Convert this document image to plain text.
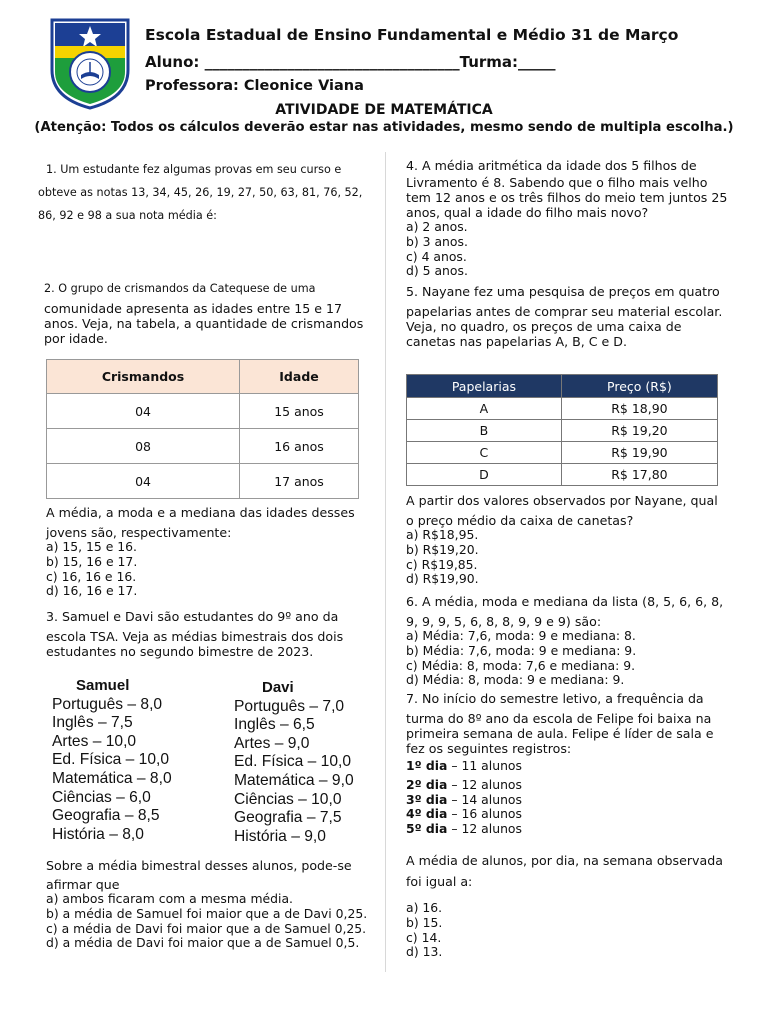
Escola Estadual de Ensino Fundamental e Médio 31 de Março
Aluno: __________________________________Turma:_____
Professora: Cleonice Viana
ATIVIDADE DE MATEMÁTICA
(Atenção: Todos os cálculos deverão estar nas atividades, mesmo sendo de multipla escolha.)
1. Um estudante fez algumas provas em seu curso e
obteve as notas 13, 34, 45, 26, 19, 27, 50, 63, 81, 76, 52,
86, 92 e 98 a sua nota média é:
2. O grupo de crismandos da Catequese de uma
comunidade apresenta as idades entre 15 e 17
anos. Veja, na tabela, a quantidade de crismandos
por idade.
Crismandos	Idade
04	15 anos
08	16 anos
04	17 anos
A média, a moda e a mediana das idades desses
jovens são, respectivamente:

a) 15, 15 e 16.

b) 15, 16 e 17.

c) 16, 16 e 16.

d) 16, 16 e 17.

3. Samuel e Davi são estudantes do 9º ano da
escola TSA. Veja as médias bimestrais dos dois
estudantes no segundo bimestre de 2023.
Samuel
Português – 8,0
Inglês – 7,5
Artes – 10,0
Ed. Física – 10,0
Matemática – 8,0
Ciências – 6,0
Geografia – 8,5
História – 8,0
Davi
Português – 7,0
Inglês – 6,5
Artes – 9,0
Ed. Física – 10,0
Matemática – 9,0
Ciências – 10,0
Geografia – 7,5
História – 9,0
Sobre a média bimestral desses alunos, pode-se
afirmar que

a) ambos ficaram com a mesma média.

b) a média de Samuel foi maior que a de Davi 0,25.

c) a média de Davi foi maior que a de Samuel 0,25.

d) a média de Davi foi maior que a de Samuel 0,5.

4. A média aritmética da idade dos 5 filhos de
Livramento é 8. Sabendo que o filho mais velho
tem 12 anos e os três filhos do meio tem juntos 25
anos, qual a idade do filho mais novo?

a) 2 anos.

b) 3 anos.

c) 4 anos.

d) 5 anos.

5. Nayane fez uma pesquisa de preços em quatro
papelarias antes de comprar seu material escolar.
Veja, no quadro, os preços de uma caixa de
canetas nas papelarias A, B, C e D.
Papelarias	Preço (R$)
A	R$ 18,90
B	R$ 19,20
C	R$ 19,90
D	R$ 17,80
A partir dos valores observados por Nayane, qual
o preço médio da caixa de canetas?

a) R$18,95.

b) R$19,20.

c) R$19,85.

d) R$19,90.

6. A média, moda e mediana da lista (8, 5, 6, 6, 8,
9, 9, 9, 5, 6, 8, 8, 9, 9 e 9) são:

a) Média: 7,6, moda: 9 e mediana: 8.

b) Média: 7,6, moda: 9 e mediana: 9.

c) Média: 8, moda: 7,6 e mediana: 9.

d) Média: 8, moda: 9 e mediana: 9.

7. No início do semestre letivo, a frequência da
turma do 8º ano da escola de Felipe foi baixa na
primeira semana de aula. Felipe é líder de sala e
fez os seguintes registros:

1º dia – 11 alunos

2º dia – 12 alunos

3º dia – 14 alunos

4º dia – 16 alunos

5º dia – 12 alunos

A média de alunos, por dia, na semana observada
foi igual a:

a) 16.

b) 15.

c) 14.

d) 13.
